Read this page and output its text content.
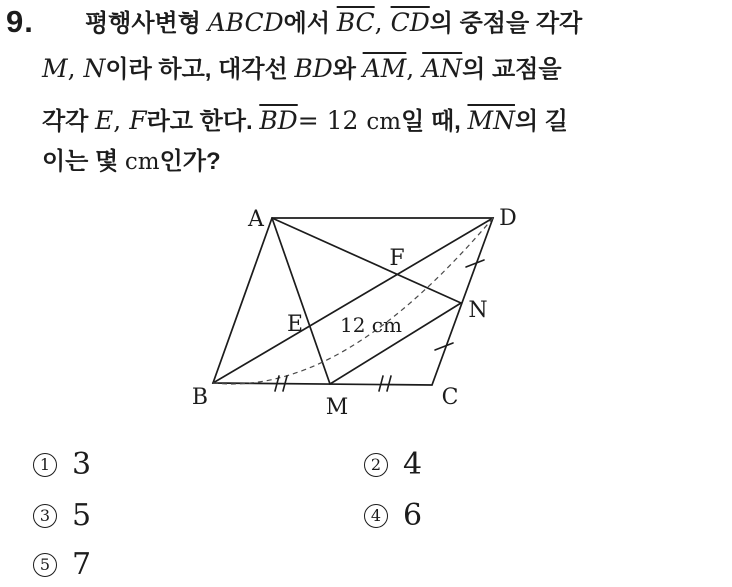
9. 평행사변형 ABCD에서 $\overline{BC}$, $\overline{CD}$의 중점을 각각
M, N이라 하고, 대각선 BD와 $\overline{AM}$, $\overline{AN}$의 교점을
각각 E, F라고 한다. $\overline{BD}= 12$ cm일 때, $\overline{MN}$의 길
이는 몇 cm인가?
A	D
B	C
M
N
E
F
12 cm
1 3	2 4
3 5	4 6
5 7
